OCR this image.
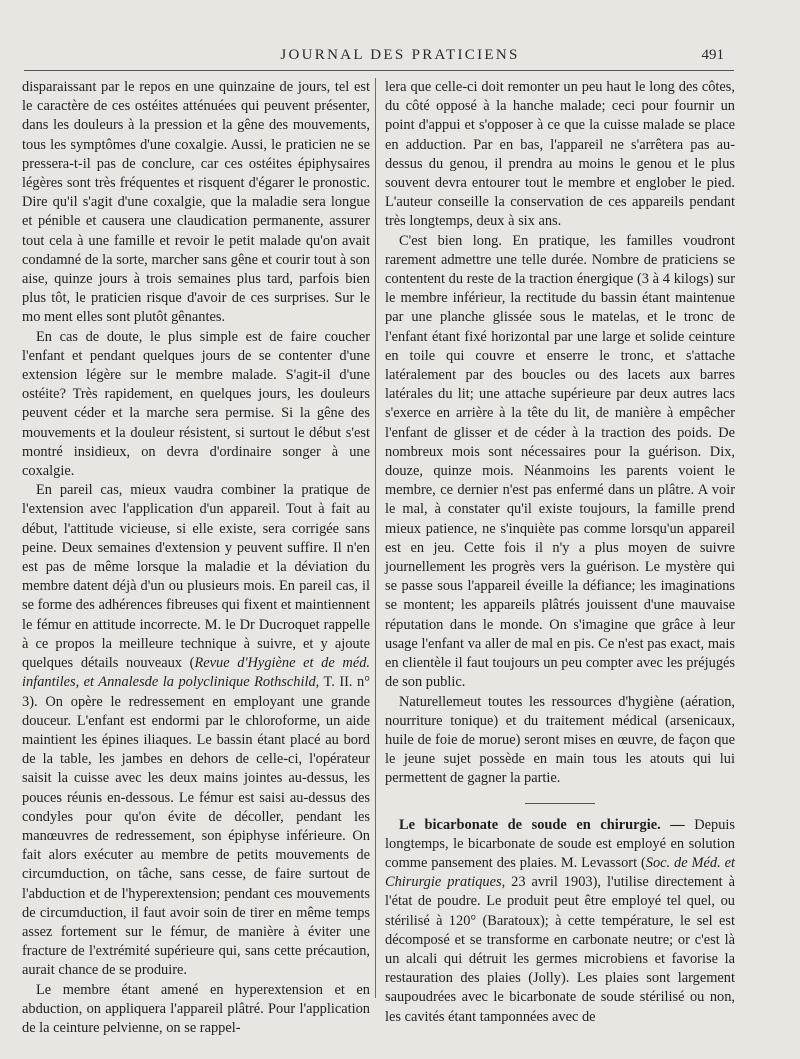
JOURNAL DES PRATICIENS	491

disparaissant par le repos en une quinzaine de jours, tel est le caractère de ces ostéites atténuées qui peuvent présenter, dans les douleurs à la pression et la gêne des mouvements, tous les symptômes d'une coxalgie. Aussi, le praticien ne se pressera-t-il pas de conclure, car ces ostéites épiphysaires légères sont très fréquentes et risquent d'égarer le pronostic. Dire qu'il s'agit d'une coxalgie, que la maladie sera longue et pénible et causera une claudication permanente, assurer tout cela à une famille et revoir le petit malade qu'on avait condamné de la sorte, marcher sans gêne et courir tout à son aise, quinze jours à trois semaines plus tard, parfois bien plus tôt, le praticien risque d'avoir de ces surprises. Sur le mo ment elles sont plutôt gênantes.

En cas de doute, le plus simple est de faire coucher l'enfant et pendant quelques jours de se contenter d'une extension légère sur le membre malade. S'agit-il d'une ostéite? Très rapidement, en quelques jours, les douleurs peuvent céder et la marche sera permise. Si la gêne des mouvements et la douleur résistent, si surtout le début s'est montré insidieux, on devra d'ordinaire songer à une coxalgie.

En pareil cas, mieux vaudra combiner la pratique de l'extension avec l'application d'un appareil. Tout à fait au début, l'attitude vicieuse, si elle existe, sera corrigée sans peine. Deux semaines d'extension y peuvent suffire. Il n'en est pas de même lorsque la maladie et la déviation du membre datent déjà d'un ou plusieurs mois. En pareil cas, il se forme des adhérences fibreuses qui fixent et maintiennent le fémur en attitude incorrecte. M. le Dr Ducroquet rappelle à ce propos la meilleure technique à suivre, et y ajoute quelques détails nouveaux (Revue d'Hygiène et de méd. infantiles, et Annalesde la polyclinique Rothschild, T. II. n° 3). On opère le redressement en employant une grande douceur. L'enfant est endormi par le chloroforme, un aide maintient les épines iliaques. Le bassin étant placé au bord de la table, les jambes en dehors de celle-ci, l'opérateur saisit la cuisse avec les deux mains jointes au-dessus, les pouces réunis en-dessous. Le fémur est saisi au-dessus des condyles pour qu'on évite de décoller, pendant les manœuvres de redressement, son épiphyse inférieure. On fait alors exécuter au membre de petits mouvements de circumduction, on tâche, sans cesse, de faire surtout de l'abduction et de l'hyperextension; pendant ces mouvements de circumduction, il faut avoir soin de tirer en même temps assez fortement sur le fémur, de manière à éviter une fracture de l'extrémité supérieure qui, sans cette précaution, aurait chance de se produire.

Le membre étant amené en hyperextension et en abduction, on appliquera l'appareil plâtré. Pour l'application de la ceinture pelvienne, on se rappel-

lera que celle-ci doit remonter un peu haut le long des côtes, du côté opposé à la hanche malade; ceci pour fournir un point d'appui et s'opposer à ce que la cuisse malade se place en adduction. Par en bas, l'appareil ne s'arrêtera pas au-dessus du genou, il prendra au moins le genou et le plus souvent devra entourer tout le membre et englober le pied. L'auteur conseille la conservation de ces appareils pendant très longtemps, deux à six ans.

C'est bien long. En pratique, les familles voudront rarement admettre une telle durée. Nombre de praticiens se contentent du reste de la traction énergique (3 à 4 kilogs) sur le membre inférieur, la rectitude du bassin étant maintenue par une planche glissée sous le matelas, et le tronc de l'enfant étant fixé horizontal par une large et solide ceinture en toile qui couvre et enserre le tronc, et s'attache latéralement par des boucles ou des lacets aux barres latérales du lit; une attache supérieure par deux autres lacs s'exerce en arrière à la tête du lit, de manière à empêcher l'enfant de glisser et de céder à la traction des poids. De nombreux mois sont nécessaires pour la guérison. Dix, douze, quinze mois. Néanmoins les parents voient le membre, ce dernier n'est pas enfermé dans un plâtre. A voir le mal, à constater qu'il existe toujours, la famille prend mieux patience, ne s'inquiète pas comme lorsqu'un appareil est en jeu. Cette fois il n'y a plus moyen de suivre journellement les progrès vers la guérison. Le mystère qui se passe sous l'appareil éveille la défiance; les imaginations se montent; les appareils plâtrés jouissent d'une mauvaise réputation dans le monde. On s'imagine que grâce à leur usage l'enfant va aller de mal en pis. Ce n'est pas exact, mais en clientèle il faut toujours un peu compter avec les préjugés de son public.

Naturellemeut toutes les ressources d'hygiène (aération, nourriture tonique) et du traitement médical (arsenicaux, huile de foie de morue) seront mises en œuvre, de façon que le jeune sujet possède en main tous les atouts qui lui permettent de gagner la partie.

Le bicarbonate de soude en chirurgie. — Depuis longtemps, le bicarbonate de soude est employé en solution comme pansement des plaies. M. Levassort (Soc. de Méd. et Chirurgie pratiques, 23 avril 1903), l'utilise directement à l'état de poudre. Le produit peut être employé tel quel, ou stérilisé à 120° (Baratoux); à cette température, le sel est décomposé et se transforme en carbonate neutre; or c'est là un alcali qui détruit les germes microbiens et favorise la restauration des plaies (Jolly). Les plaies sont largement saupoudrées avec le bicarbonate de soude stérilisé ou non, les cavités étant tamponnées avec de
